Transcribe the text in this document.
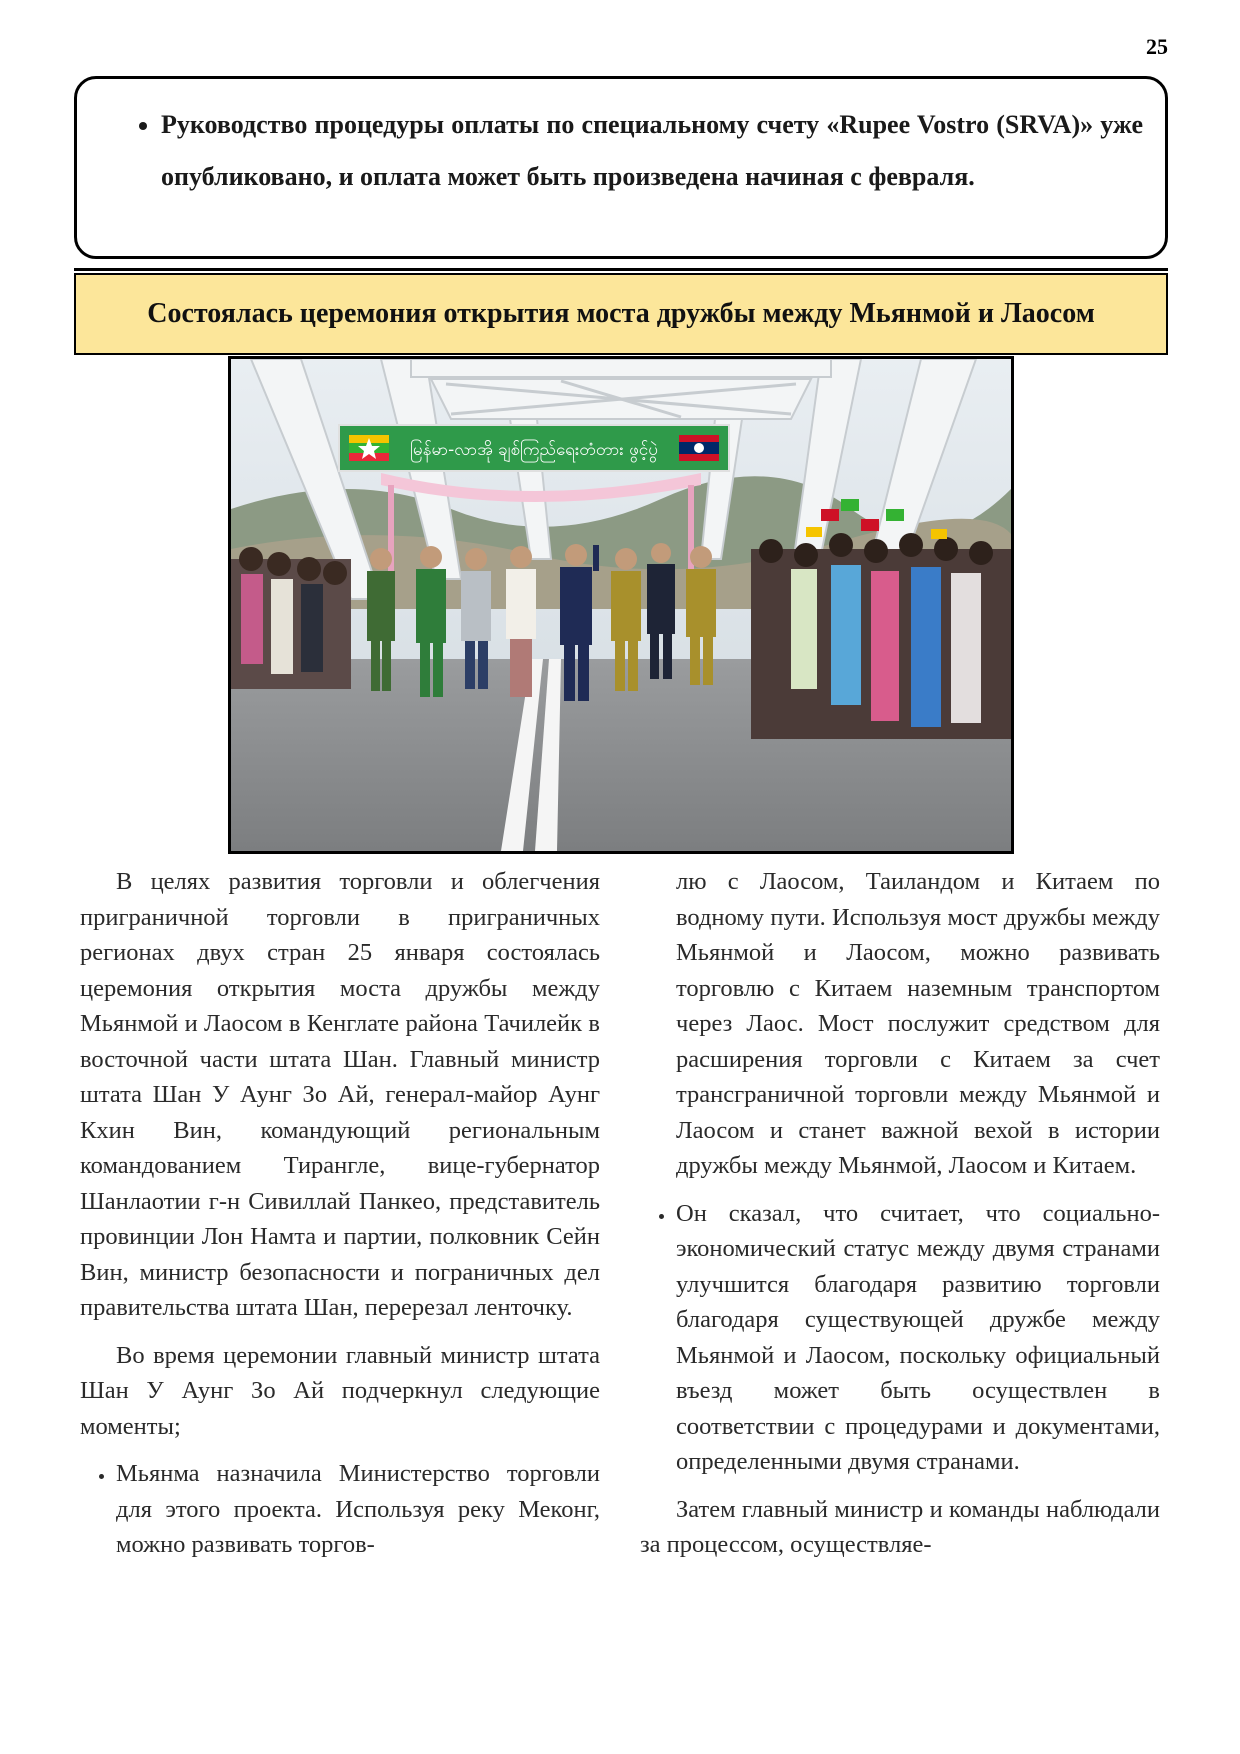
25
• Руководство процедуры оплаты по специальному счету «Rupee Vostro (SRVA)» уже опубликовано, и оплата может быть произведена начиная с февраля.
Состоялась церемония открытия моста дружбы между Мьянмой и Лаосом
မြန်မာ-လာအို ချစ်ကြည်ရေးတံတား ဖွင့်ပွဲ

В целях развития торговли и облегчения приграничной торговли в приграничных регионах двух стран 25 января состоялась церемония открытия моста дружбы между Мьянмой и Лаосом в Кенглате района Тачилейк в восточной части штата Шан. Главный министр штата Шан У Аунг Зо Ай, генерал-майор Аунг Кхин Вин, командующий региональным командованием Тирангле, вице-губернатор Шанлаотии г-н Сивиллай Панкео, представитель провинции Лон Намта и партии, полковник Сейн Вин, министр безопасности и пограничных дел правительства штата Шан, перерезал ленточку.

Во время церемонии главный министр штата Шан У Аунг Зо Ай подчеркнул следующие моменты;

• Мьянма назначила Министерство торговли для этого проекта. Используя реку Меконг, можно развивать торгов-
лю с Лаосом, Таиландом и Китаем по водному пути. Используя мост дружбы между Мьянмой и Лаосом, можно развивать торговлю с Китаем наземным транспортом через Лаос. Мост послужит средством для расширения торговли с Китаем за счет трансграничной торговли между Мьянмой и Лаосом и станет важной вехой в истории дружбы между Мьянмой, Лаосом и Китаем.
• Он сказал, что считает, что социально-экономический статус между двумя странами улучшится благодаря развитию торговли благодаря существующей дружбе между Мьянмой и Лаосом, поскольку официальный въезд может быть осуществлен в соответствии с процедурами и документами, определенными двумя странами.

Затем главный министр и команды наблюдали за процессом, осуществляе-
